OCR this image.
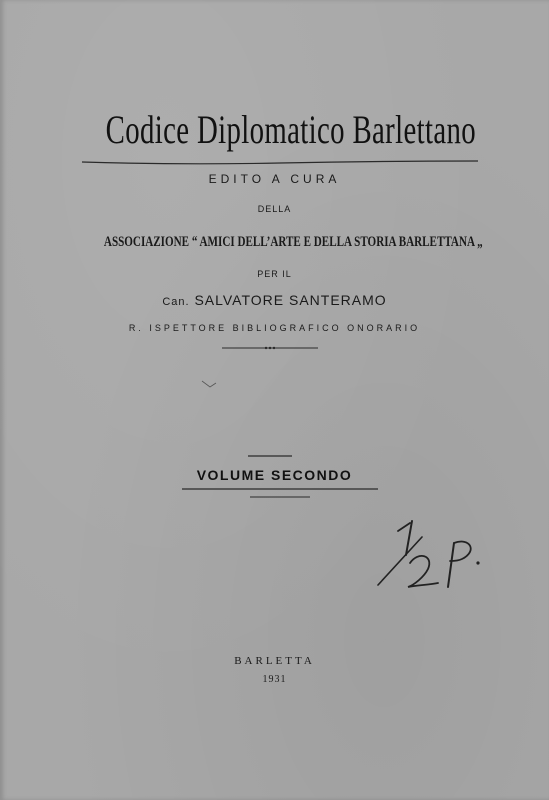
Codice Diplomatico Barlettano
EDITO A CURA
DELLA
ASSOCIAZIONE “ AMICI DELL’ARTE E DELLA STORIA BARLETTANA „
PER IL
Can. SALVATORE SANTERAMO
R. ISPETTORE BIBLIOGRAFICO ONORARIO
VOLUME SECONDO
BARLETTA
1931
